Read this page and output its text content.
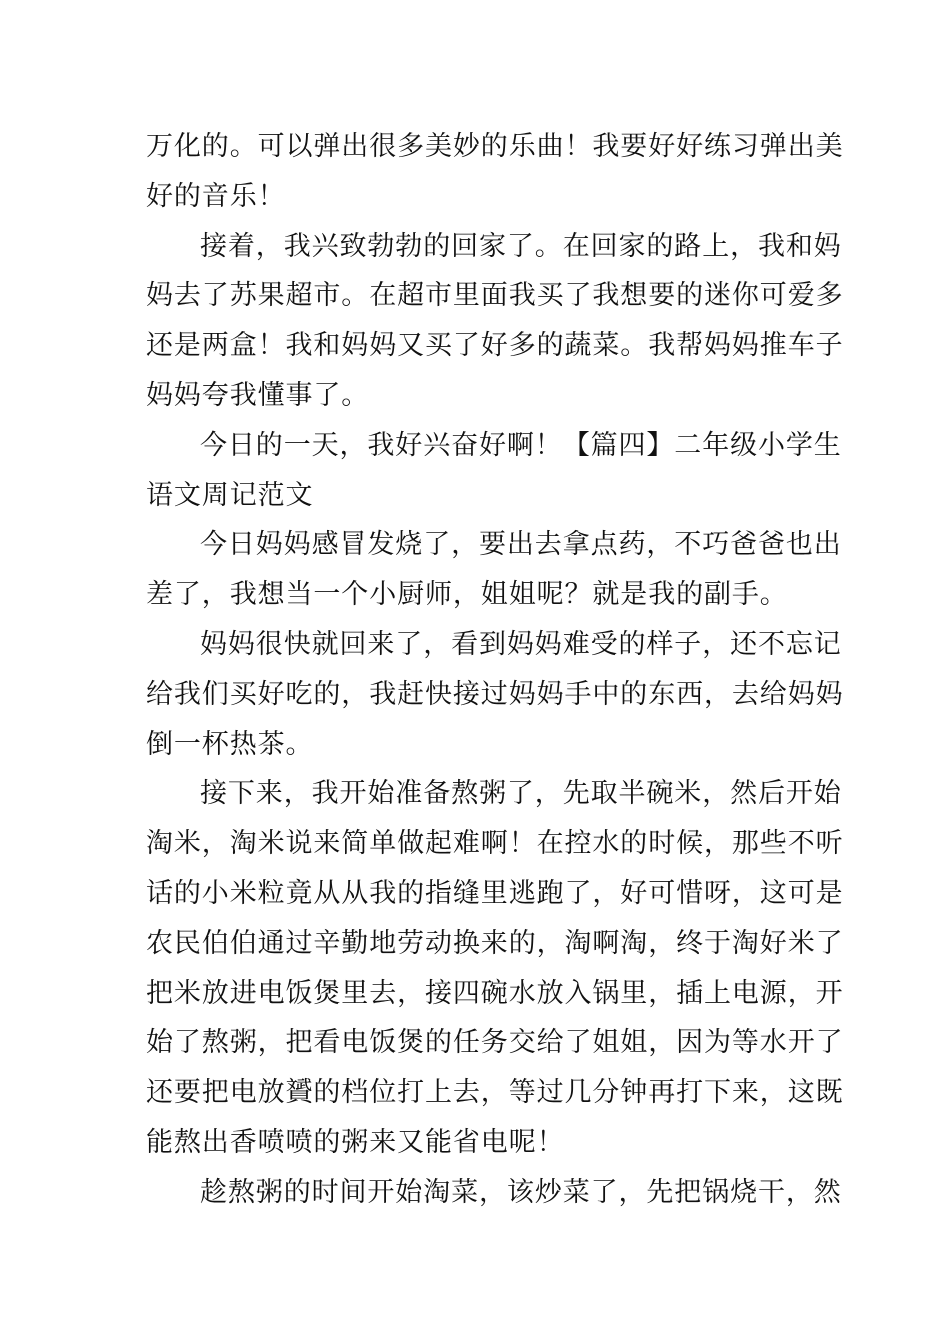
万化的。可以弹出很多美妙的乐曲！我要好好练习弹出美
好的音乐！
接着，我兴致勃勃的回家了。在回家的路上，我和妈
妈去了苏果超市。在超市里面我买了我想要的迷你可爱多
还是两盒！我和妈妈又买了好多的蔬菜。我帮妈妈推车子
妈妈夸我懂事了。
今日的一天，我好兴奋好啊！【篇四】二年级小学生
语文周记范文
今日妈妈感冒发烧了，要出去拿点药，不巧爸爸也出
差了，我想当一个小厨师，姐姐呢？就是我的副手。
妈妈很快就回来了，看到妈妈难受的样子，还不忘记
给我们买好吃的，我赶快接过妈妈手中的东西，去给妈妈
倒一杯热茶。
接下来，我开始准备熬粥了，先取半碗米，然后开始
淘米，淘米说来简单做起难啊！在控水的时候，那些不听
话的小米粒竟从从我的指缝里逃跑了，好可惜呀，这可是
农民伯伯通过辛勤地劳动换来的，淘啊淘，终于淘好米了
把米放进电饭煲里去，接四碗水放入锅里，插上电源，开
始了熬粥，把看电饭煲的任务交给了姐姐，因为等水开了
还要把电放贇的档位打上去，等过几分钟再打下来，这既
能熬出香喷喷的粥来又能省电呢！
趁熬粥的时间开始淘菜，该炒菜了，先把锅烧干，然
